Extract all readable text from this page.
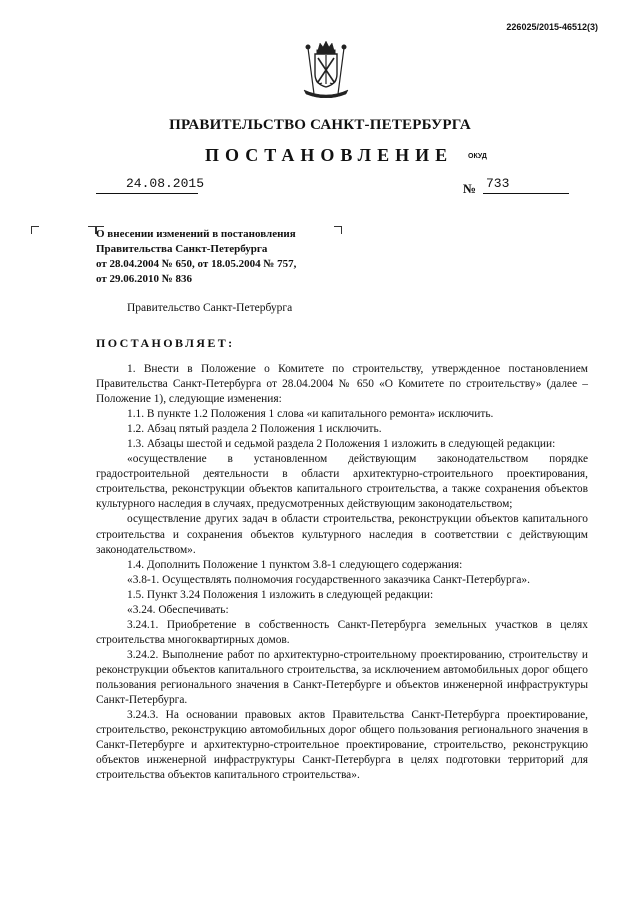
226025/2015-46512(3)
ПРАВИТЕЛЬСТВО САНКТ-ПЕТЕРБУРГА
ПОСТАНОВЛЕНИЕ ОКУД
24.08.2015	№ 733
О внесении изменений в постановления
Правительства Санкт-Петербурга
от 28.04.2004 № 650, от 18.05.2004 № 757,
от 29.06.2010 № 836
Правительство Санкт-Петербурга
ПОСТАНОВЛЯЕТ:

1. Внести в Положение о Комитете по строительству, утвержденное постановлением Правительства Санкт-Петербурга от 28.04.2004 № 650 «О Комитете по строительству» (далее – Положение 1), следующие изменения:

1.1. В пункте 1.2 Положения 1 слова «и капитального ремонта» исключить.

1.2. Абзац пятый раздела 2 Положения 1 исключить.

1.3. Абзацы шестой и седьмой раздела 2 Положения 1 изложить в следующей редакции:

«осуществление в установленном действующим законодательством порядке градостроительной деятельности в области архитектурно-строительного проектирования, строительства, реконструкции объектов капитального строительства, а также сохранения объектов культурного наследия в случаях, предусмотренных действующим законодательством;

осуществление других задач в области строительства, реконструкции объектов капитального строительства и сохранения объектов культурного наследия в соответствии с действующим законодательством».

1.4. Дополнить Положение 1 пунктом 3.8-1 следующего содержания:

«3.8-1. Осуществлять полномочия государственного заказчика Санкт-Петербурга».

1.5. Пункт 3.24 Положения 1 изложить в следующей редакции:

«3.24. Обеспечивать:

3.24.1. Приобретение в собственность Санкт-Петербурга земельных участков в целях строительства многоквартирных домов.

3.24.2. Выполнение работ по архитектурно-строительному проектированию, строительству и реконструкции объектов капитального строительства, за исключением автомобильных дорог общего пользования регионального значения в Санкт-Петербурге и объектов инженерной инфраструктуры Санкт-Петербурга.

3.24.3. На основании правовых актов Правительства Санкт-Петербурга проектирование, строительство, реконструкцию автомобильных дорог общего пользования регионального значения в Санкт-Петербурге и архитектурно-строительное проектирование, строительство, реконструкцию объектов инженерной инфраструктуры Санкт-Петербурга в целях подготовки территорий для строительства объектов капитального строительства».
